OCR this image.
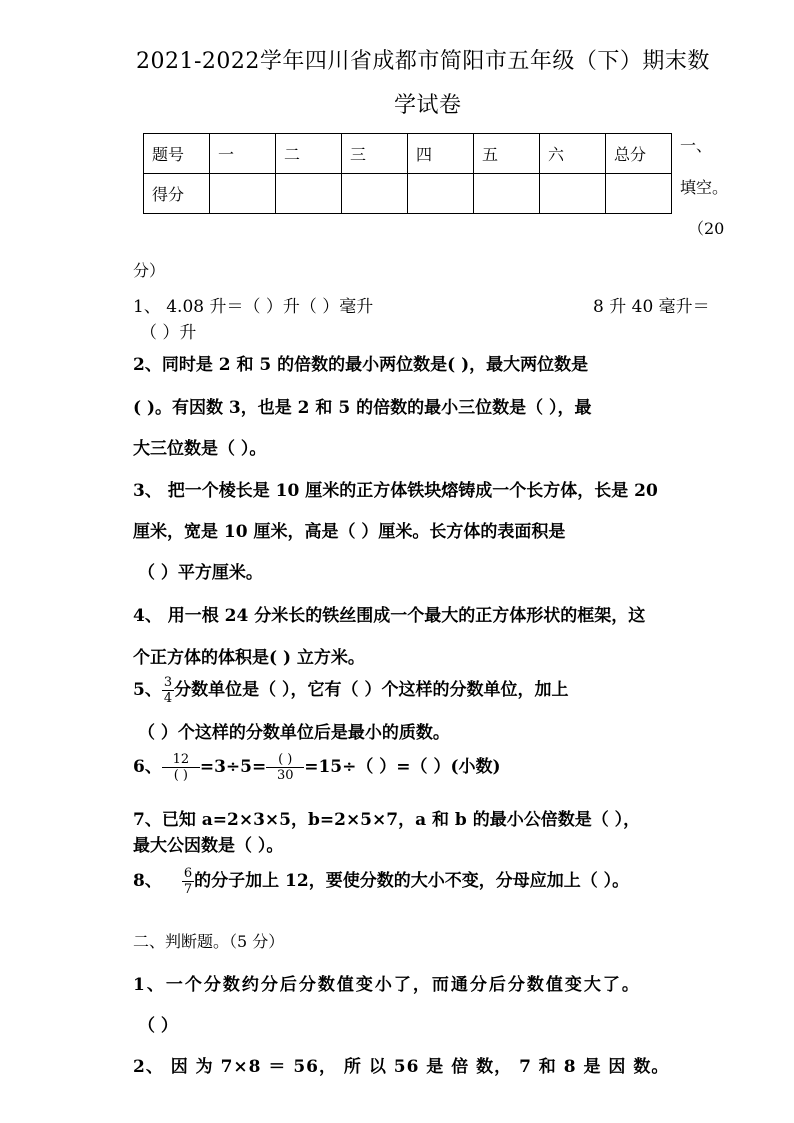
2021-2022学年四川省成都市简阳市五年级（下）期末数
学试卷
题号	一	二	三	四	五	六	总分
得分							
一、
填空。
（20
分）
1、 4.08 升＝（ ）升（ ）毫升	8 升 40 毫升＝
（ ）升
2、同时是 2 和 5 的倍数的最小两位数是( )，最大两位数是
( )。有因数 3，也是 2 和 5 的倍数的最小三位数是（ ），最
大三位数是（ ）。
3、 把一个棱长是 10 厘米的正方体铁块熔铸成一个长方体，长是 20
厘米，宽是 10 厘米，高是（ ）厘米。长方体的表面积是
（ ）平方厘米。
4、 用一根 24 分米长的铁丝围成一个最大的正方体形状的框架，这
个正方体的体积是( ) 立方米。
5、 $\frac{3}{4}$ 分数单位是（ ），它有（ ）个这样的分数单位，加上
（ ）个这样的分数单位后是最小的质数。
6、 $\frac{12}{( )} =3\div 5= \frac{( )}{30} =15\div$（ ）=（ ）(小数)
7、已知 a=2×3×5，b=2×5×7，a 和 b 的最小公倍数是（ ），
最大公因数是（ ）。
8、 $\frac{6}{7}$ 的分子加上 12，要使分数的大小不变，分母应加上（ ）。
二、判断题。（5 分）
1、一个分数约分后分数值变小了，而通分后分数值变大了。
（ ）
2、 因 为 7×8 ＝ 56， 所 以 56 是 倍 数， 7 和 8 是 因 数。
